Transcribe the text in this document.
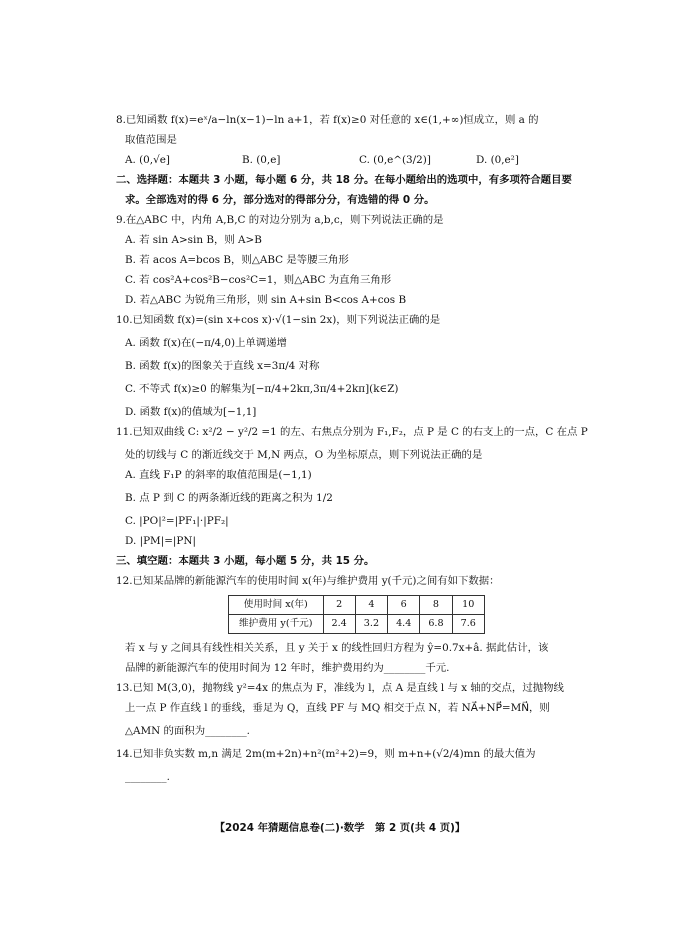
8.已知函数 f(x)=eˣ/a−ln(x−1)−ln a+1，若 f(x)≥0 对任意的 x∈(1,+∞)恒成立，则 a 的
取值范围是
A. (0,√e]	B. (0,e]	C. (0,e^(3/2)]	D. (0,e²]
二、选择题：本题共 3 小题，每小题 6 分，共 18 分。在每小题给出的选项中，有多项符合题目要
求。全部选对的得 6 分，部分选对的得部分分，有选错的得 0 分。
9.在△ABC 中，内角 A,B,C 的对边分别为 a,b,c，则下列说法正确的是
A. 若 sin A>sin B，则 A>B
B. 若 acos A=bcos B，则△ABC 是等腰三角形
C. 若 cos²A+cos²B−cos²C=1，则△ABC 为直角三角形
D. 若△ABC 为锐角三角形，则 sin A+sin B<cos A+cos B
10.已知函数 f(x)=(sin x+cos x)·√(1−sin 2x)，则下列说法正确的是
A. 函数 f(x)在(−π/4,0)上单调递增
B. 函数 f(x)的图象关于直线 x=3π/4 对称
C. 不等式 f(x)≥0 的解集为[−π/4+2kπ,3π/4+2kπ](k∈Z)
D. 函数 f(x)的值域为[−1,1]
11.已知双曲线 C: x²/2 − y²/2 =1 的左、右焦点分别为 F₁,F₂，点 P 是 C 的右支上的一点，C 在点 P
处的切线与 C 的渐近线交于 M,N 两点，O 为坐标原点，则下列说法正确的是
A. 直线 F₁P 的斜率的取值范围是(−1,1)
B. 点 P 到 C 的两条渐近线的距离之积为 1/2
C. |PO|²=|PF₁|·|PF₂|
D. |PM|=|PN|
三、填空题：本题共 3 小题，每小题 5 分，共 15 分。
12.已知某品牌的新能源汽车的使用时间 x(年)与维护费用 y(千元)之间有如下数据：
使用时间 x(年)	2	4	6	8	10
维护费用 y(千元)	2.4	3.2	4.4	6.8	7.6
若 x 与 y 之间具有线性相关关系，且 y 关于 x 的线性回归方程为 ŷ=0.7x+â. 据此估计，该
品牌的新能源汽车的使用时间为 12 年时，维护费用约为________千元.
13.已知 M(3,0)，抛物线 y²=4x 的焦点为 F，准线为 l，点 A 是直线 l 与 x 轴的交点，过抛物线
上一点 P 作直线 l 的垂线，垂足为 Q，直线 PF 与 MQ 相交于点 N，若 NA⃗+NP⃗=MN⃗，则
△AMN 的面积为________.
14.已知非负实数 m,n 满足 2m(m+2n)+n²(m²+2)=9，则 m+n+(√2/4)mn 的最大值为
________.
【2024 年猜题信息卷(二)·数学　第 2 页(共 4 页)】
